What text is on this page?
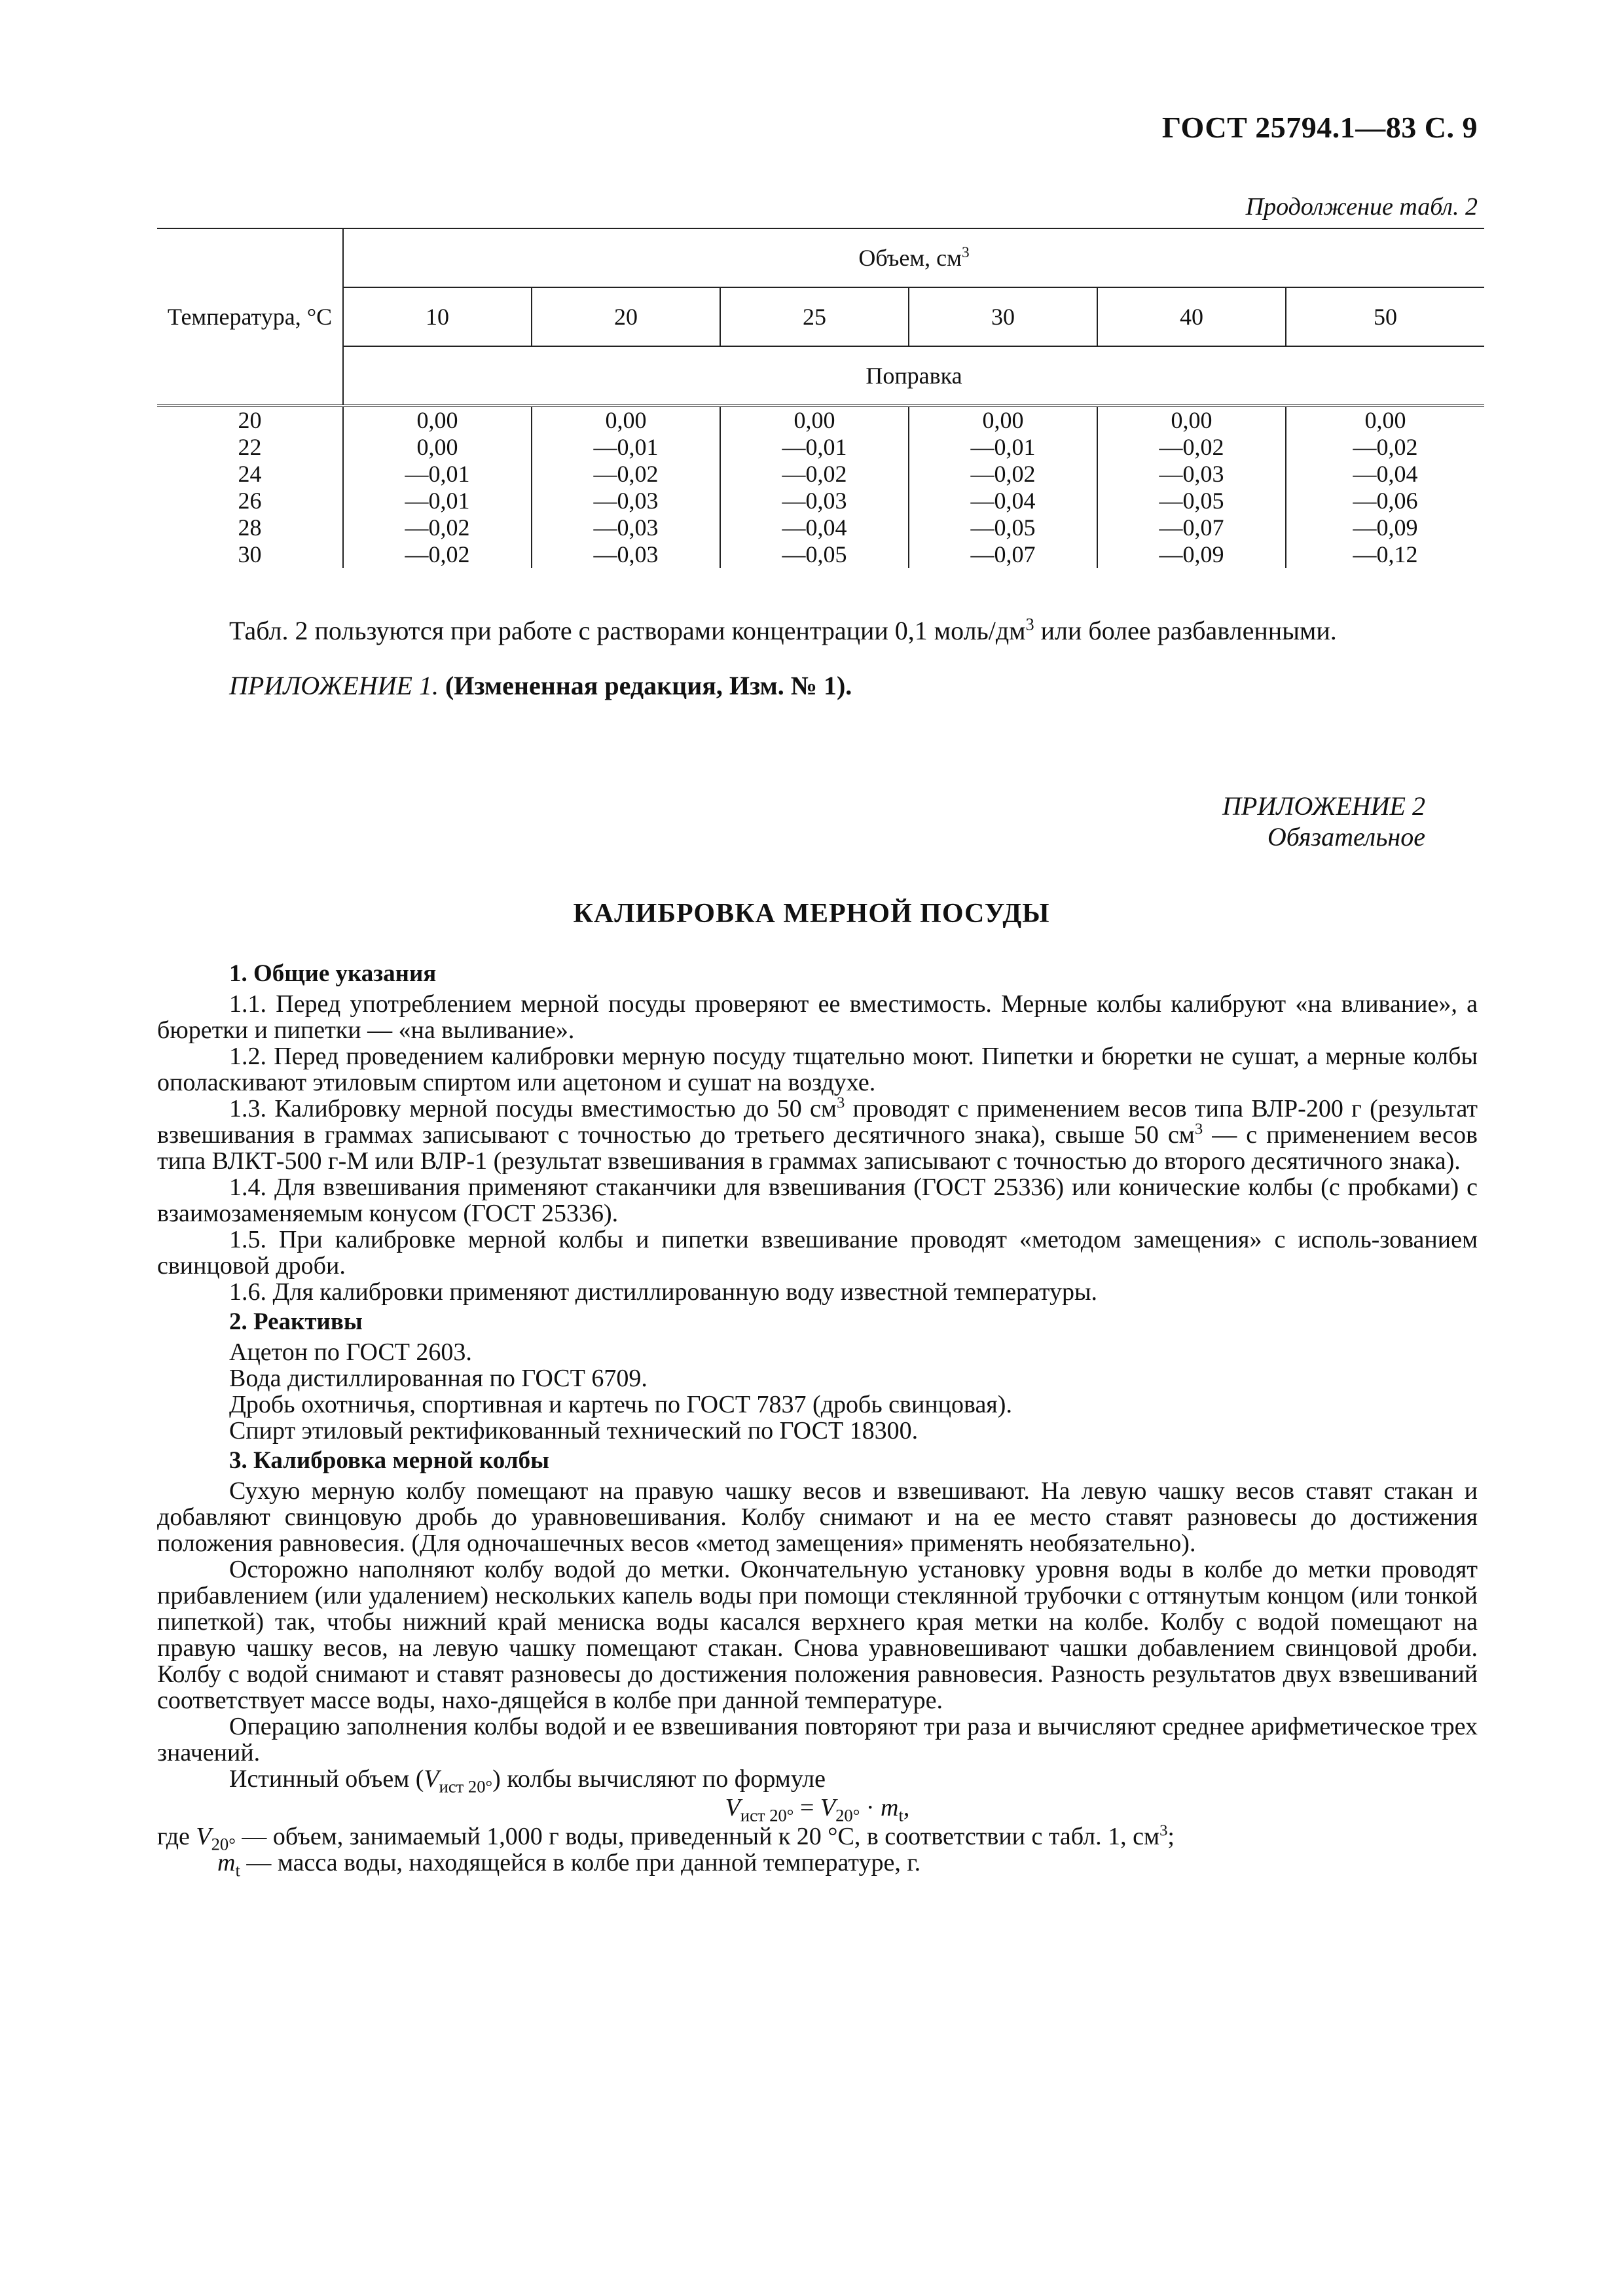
ГОСТ 25794.1—83 С. 9
Продолжение табл. 2
Температура, °С	Объем, $см^3$
	10	20	25	30	40	50
	Поправка					
20	0,00	0,00	0,00	0,00	0,00	0,00
22	0,00	—0,01	—0,01	—0,01	—0,02	—0,02
24	—0,01	—0,02	—0,02	—0,02	—0,03	—0,04
26	—0,01	—0,03	—0,03	—0,04	—0,05	—0,06
28	—0,02	—0,03	—0,04	—0,05	—0,07	—0,09
30	—0,02	—0,03	—0,05	—0,07	—0,09	—0,12
Табл. 2 пользуются при работе с растворами концентрации 0,1 моль/$дм^3$ или более разбавленными.
ПРИЛОЖЕНИЕ 1. (Измененная редакция, Изм. № 1).
ПРИЛОЖЕНИЕ 2
Обязательное
КАЛИБРОВКА МЕРНОЙ ПОСУДЫ

1. Общие указания

1.1. Перед употреблением мерной посуды проверяют ее вместимость. Мерные колбы калибруют «на вливание», а бюретки и пипетки — «на выливание».

1.2. Перед проведением калибровки мерную посуду тщательно моют. Пипетки и бюретки не сушат, а мерные колбы ополаскивают этиловым спиртом или ацетоном и сушат на воздухе.

1.3. Калибровку мерной посуды вместимостью до 50 $см^3$ проводят с применением весов типа ВЛР-200 г (результат взвешивания в граммах записывают с точностью до третьего десятичного знака), свыше 50 $см^3$ — с применением весов типа ВЛКТ-500 г-М или ВЛР-1 (результат взвешивания в граммах записывают с точностью до второго десятичного знака).

1.4. Для взвешивания применяют стаканчики для взвешивания (ГОСТ 25336) или конические колбы (с пробками) с взаимозаменяемым конусом (ГОСТ 25336).

1.5. При калибровке мерной колбы и пипетки взвешивание проводят «методом замещения» с исполь-зованием свинцовой дроби.

1.6. Для калибровки применяют дистиллированную воду известной температуры.

2. Реактивы

Ацетон по ГОСТ 2603.

Вода дистиллированная по ГОСТ 6709.

Дробь охотничья, спортивная и картечь по ГОСТ 7837 (дробь свинцовая).

Спирт этиловый ректификованный технический по ГОСТ 18300.

3. Калибровка мерной колбы

Сухую мерную колбу помещают на правую чашку весов и взвешивают. На левую чашку весов ставят стакан и добавляют свинцовую дробь до уравновешивания. Колбу снимают и на ее место ставят разновесы до достижения положения равновесия. (Для одночашечных весов «метод замещения» применять необязательно).

Осторожно наполняют колбу водой до метки. Окончательную установку уровня воды в колбе до метки проводят прибавлением (или удалением) нескольких капель воды при помощи стеклянной трубочки с оттянутым концом (или тонкой пипеткой) так, чтобы нижний край мениска воды касался верхнего края метки на колбе. Колбу с водой помещают на правую чашку весов, на левую чашку помещают стакан. Снова уравновешивают чашки добавлением свинцовой дроби. Колбу с водой снимают и ставят разновесы до достижения положения равновесия. Разность результатов двух взвешиваний соответствует массе воды, нахо-дящейся в колбе при данной температуре.

Операцию заполнения колбы водой и ее взвешивания повторяют три раза и вычисляют среднее арифметическое трех значений.

Истинный объем $(V_{ист 20^\circ})$ колбы вычисляют по формуле

$V_{ист 20^\circ} = V_{20^\circ} \cdot m_t$,

где $V_{20^\circ}$ — объем, занимаемый 1,000 г воды, приведенный к 20 °С, в соответствии с табл. 1, $см^3$;

$m_t$ — масса воды, находящейся в колбе при данной температуре, г.
